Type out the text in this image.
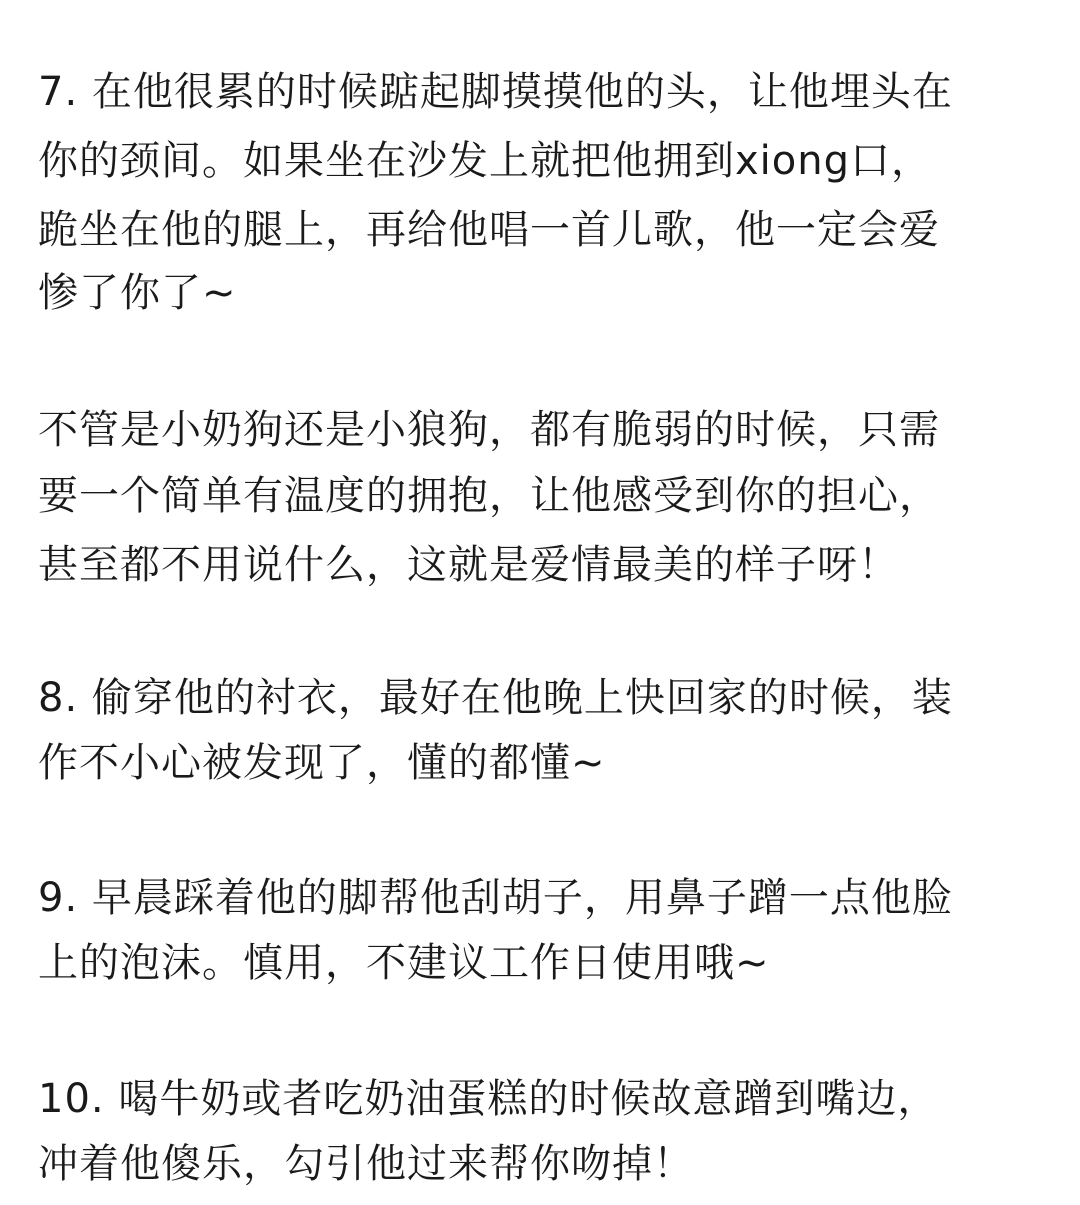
7. 在他很累的时候踮起脚摸摸他的头，让他埋头在
你的颈间。如果坐在沙发上就把他拥到xiong口，
跪坐在他的腿上，再给他唱一首儿歌，他一定会爱
惨了你了~
不管是小奶狗还是小狼狗，都有脆弱的时候，只需
要一个简单有温度的拥抱，让他感受到你的担心，
甚至都不用说什么，这就是爱情最美的样子呀！
8. 偷穿他的衬衣，最好在他晚上快回家的时候，装
作不小心被发现了，懂的都懂~
9. 早晨踩着他的脚帮他刮胡子，用鼻子蹭一点他脸
上的泡沫。慎用，不建议工作日使用哦~
10. 喝牛奶或者吃奶油蛋糕的时候故意蹭到嘴边，
冲着他傻乐，勾引他过来帮你吻掉！
